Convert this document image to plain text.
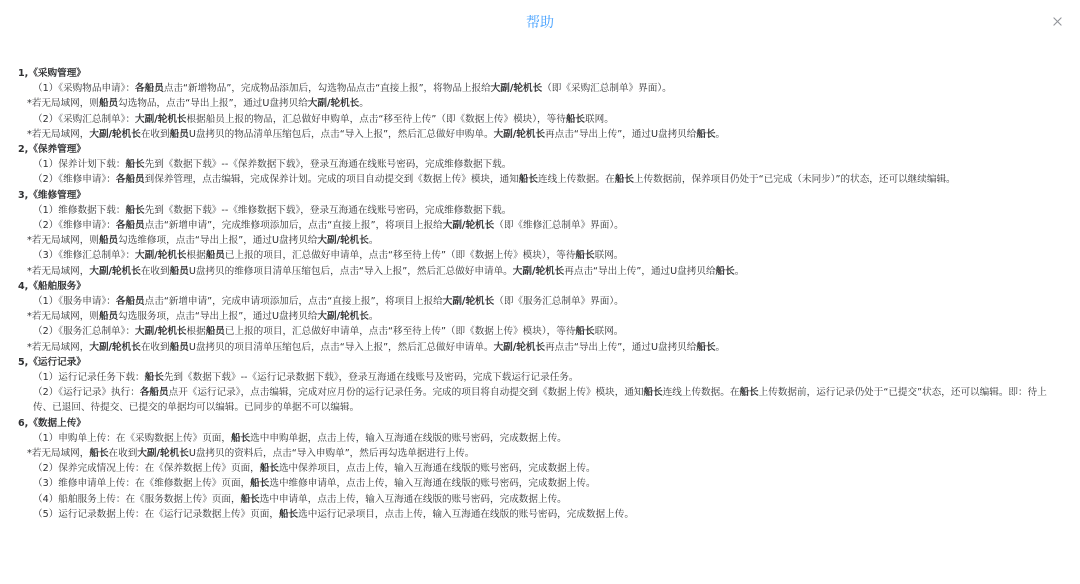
帮助
1,《采购管理》
（1）《采购物品申请》：各船员点击“新增物品”，完成物品添加后，勾选物品点击“直接上报”，将物品上报给大副/轮机长（即《采购汇总制单》界面）。
*若无局域网，则船员勾选物品，点击“导出上报”，通过U盘拷贝给大副/轮机长。
（2）《采购汇总制单》：大副/轮机长根据船员上报的物品，汇总做好申购单，点击“移至待上传”（即《数据上传》模块），等待船长联网。
*若无局域网，大副/轮机长在收到船员U盘拷贝的物品清单压缩包后，点击“导入上报”，然后汇总做好申购单。大副/轮机长再点击“导出上传”，通过U盘拷贝给船长。
2,《保养管理》
（1）保养计划下载：船长先到《数据下载》--《保养数据下载》，登录互海通在线账号密码，完成维修数据下载。
（2）《维修申请》：各船员到保养管理，点击编辑，完成保养计划。完成的项目自动提交到《数据上传》模块，通知船长连线上传数据。在船长上传数据前，保养项目仍处于“已完成（未同步）”的状态，还可以继续编辑。
3,《维修管理》
（1）维修数据下载：船长先到《数据下载》--《维修数据下载》，登录互海通在线账号密码，完成维修数据下载。
（2）《维修申请》：各船员点击“新增申请”，完成维修项添加后，点击“直接上报”，将项目上报给大副/轮机长（即《维修汇总制单》界面）。
*若无局域网，则船员勾选维修项，点击“导出上报”，通过U盘拷贝给大副/轮机长。
（3）《维修汇总制单》：大副/轮机长根据船员已上报的项目，汇总做好申请单，点击“移至待上传”（即《数据上传》模块），等待船长联网。
*若无局域网，大副/轮机长在收到船员U盘拷贝的维修项目清单压缩包后，点击“导入上报”，然后汇总做好申请单。大副/轮机长再点击“导出上传”，通过U盘拷贝给船长。
4,《船舶服务》
（1）《服务申请》：各船员点击“新增申请”，完成申请项添加后，点击“直接上报”，将项目上报给大副/轮机长（即《服务汇总制单》界面）。
*若无局域网，则船员勾选服务项，点击“导出上报”，通过U盘拷贝给大副/轮机长。
（2）《服务汇总制单》：大副/轮机长根据船员已上报的项目，汇总做好申请单，点击“移至待上传”（即《数据上传》模块），等待船长联网。
*若无局域网，大副/轮机长在收到船员U盘拷贝的项目清单压缩包后，点击“导入上报”，然后汇总做好申请单。大副/轮机长再点击“导出上传”，通过U盘拷贝给船长。
5,《运行记录》
（1）运行记录任务下载：船长先到《数据下载》--《运行记录数据下载》，登录互海通在线账号及密码，完成下载运行记录任务。
（2）《运行记录》执行：各船员点开《运行记录》，点击编辑，完成对应月份的运行记录任务。完成的项目将自动提交到《数据上传》模块，通知船长连线上传数据。在船长上传数据前，运行记录仍处于“已提交”状态，还可以编辑。即：待上传、已退回、待提交、已提交的单据均可以编辑。已同步的单据不可以编辑。
6,《数据上传》
（1）申购单上传：在《采购数据上传》页面，船长选中申购单据，点击上传，输入互海通在线版的账号密码，完成数据上传。
*若无局域网，船长在收到大副/轮机长U盘拷贝的资料后，点击“导入申购单”，然后再勾选单据进行上传。
（2）保养完成情况上传：在《保养数据上传》页面，船长选中保养项目，点击上传，输入互海通在线版的账号密码，完成数据上传。
（3）维修申请单上传：在《维修数据上传》页面，船长选中维修申请单，点击上传，输入互海通在线版的账号密码，完成数据上传。
（4）船舶服务上传：在《服务数据上传》页面，船长选中申请单，点击上传，输入互海通在线版的账号密码，完成数据上传。
（5）运行记录数据上传：在《运行记录数据上传》页面，船长选中运行记录项目，点击上传，输入互海通在线版的账号密码，完成数据上传。
